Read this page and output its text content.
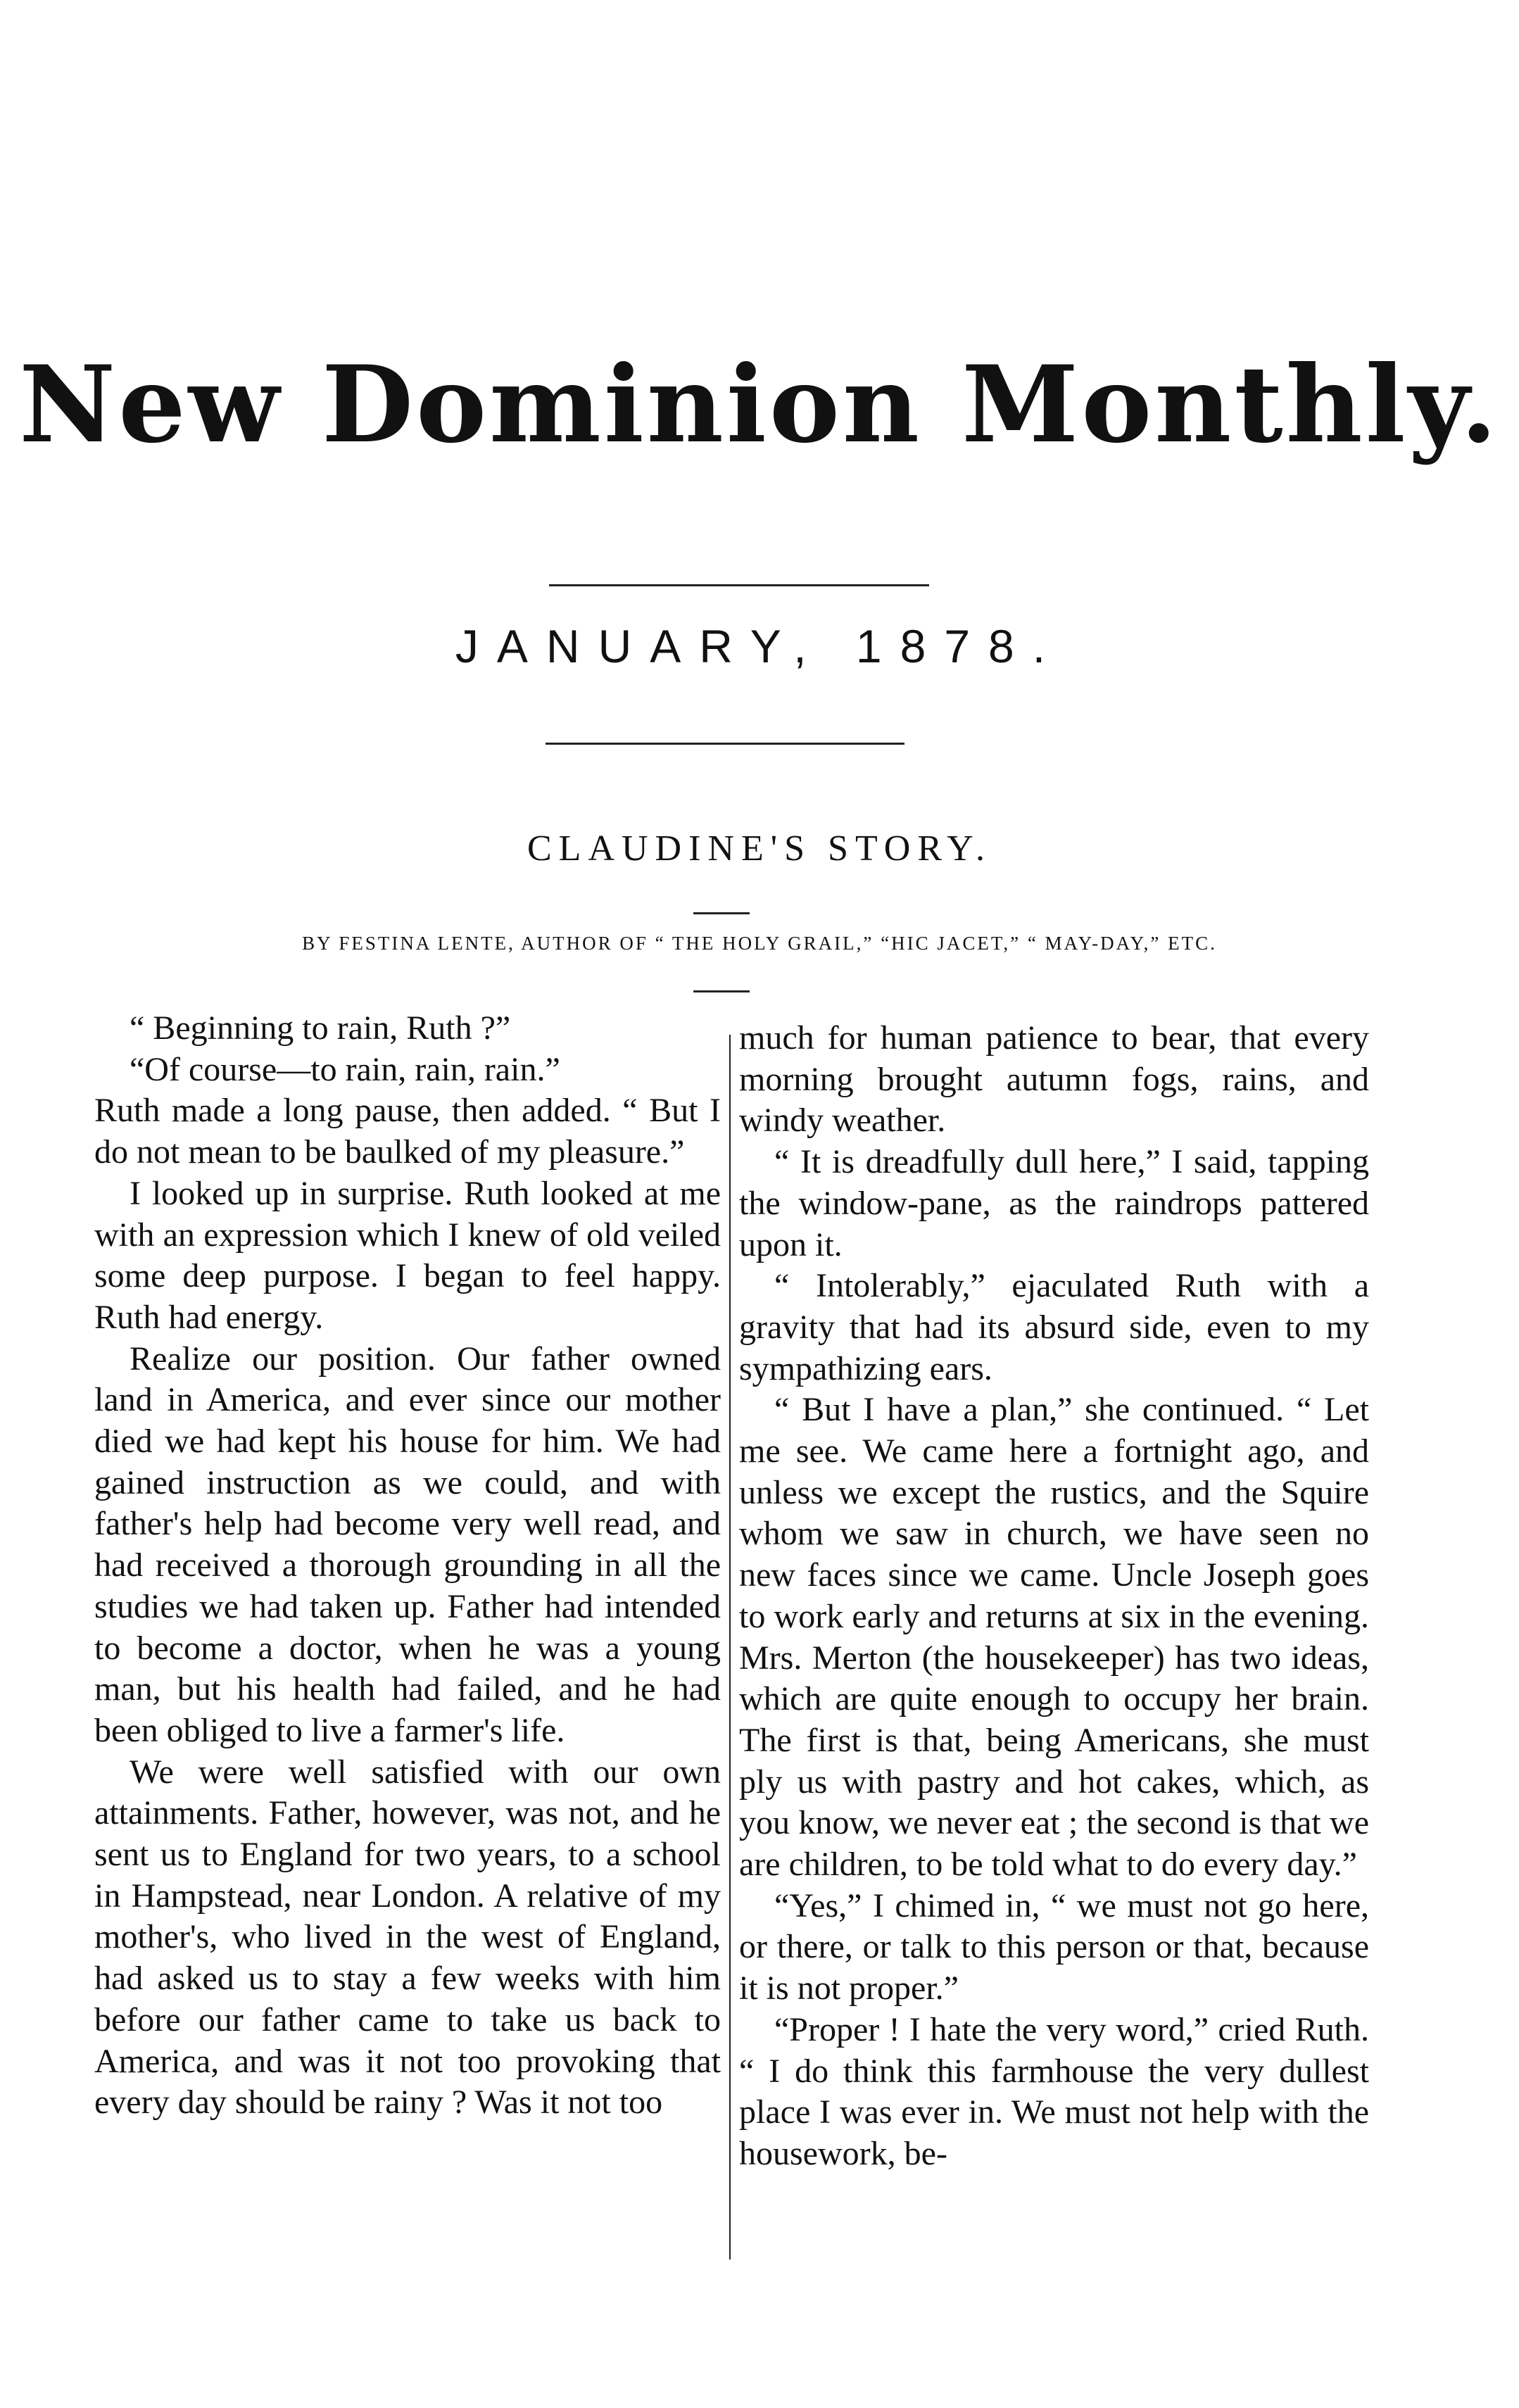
New Dominion Monthly.
JANUARY, 1878.
CLAUDINE'S STORY.
BY FESTINA LENTE, AUTHOR OF “ THE HOLY GRAIL,” “HIC JACET,” “ MAY-DAY,” ETC.

“ Beginning to rain, Ruth ?”

“Of course—to rain, rain, rain.”

Ruth made a long pause, then added. “ But I do not mean to be baulked of my pleasure.”

I looked up in surprise. Ruth looked at me with an expression which I knew of old veiled some deep purpose. I began to feel happy. Ruth had energy.

Realize our position. Our father owned land in America, and ever since our mother died we had kept his house for him. We had gained instruction as we could, and with father's help had become very well read, and had received a thorough grounding in all the studies we had taken up. Father had intended to become a doctor, when he was a young man, but his health had failed, and he had been obliged to live a farmer's life.

We were well satisfied with our own attainments. Father, however, was not, and he sent us to England for two years, to a school in Hampstead, near London. A relative of my mother's, who lived in the west of England, had asked us to stay a few weeks with him before our father came to take us back to America, and was it not too provoking that every day should be rainy ? Was it not too

much for human patience to bear, that every morning brought autumn fogs, rains, and windy weather.

“ It is dreadfully dull here,” I said, tapping the window-pane, as the raindrops pattered upon it.

“ Intolerably,” ejaculated Ruth with a gravity that had its absurd side, even to my sympathizing ears.

“ But I have a plan,” she continued. “ Let me see. We came here a fortnight ago, and unless we except the rustics, and the Squire whom we saw in church, we have seen no new faces since we came. Uncle Joseph goes to work early and returns at six in the evening. Mrs. Merton (the housekeeper) has two ideas, which are quite enough to occupy her brain. The first is that, being Americans, she must ply us with pastry and hot cakes, which, as you know, we never eat ; the second is that we are children, to be told what to do every day.”

“Yes,” I chimed in, “ we must not go here, or there, or talk to this person or that, because it is not proper.”

“Proper ! I hate the very word,” cried Ruth. “ I do think this farmhouse the very dullest place I was ever in. We must not help with the housework, be-
